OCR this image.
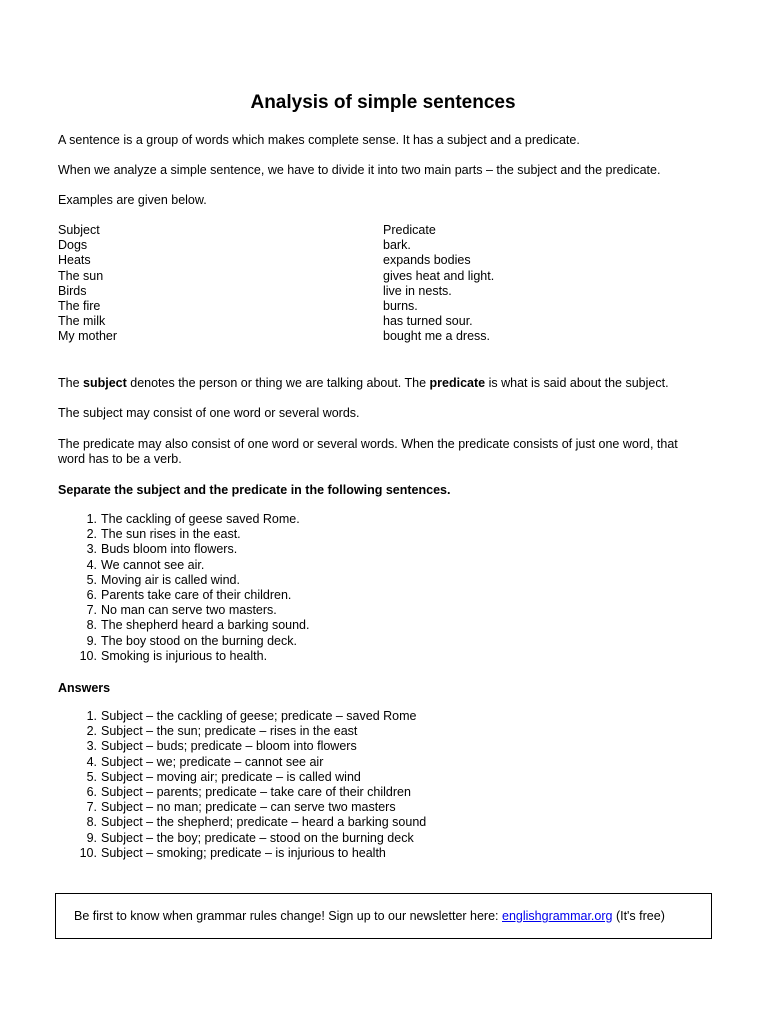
Analysis of simple sentences

A sentence is a group of words which makes complete sense. It has a subject and a predicate.

When we analyze a simple sentence, we have to divide it into two main parts – the subject and the predicate.

Examples are given below.

Subject	Predicate
Dogs	bark.
Heats	expands bodies
The sun	gives heat and light.
Birds	live in nests.
The fire	burns.
The milk	has turned sour.
My mother	bought me a dress.

The subject denotes the person or thing we are talking about. The predicate is what is said about the subject.

The subject may consist of one word or several words.

The predicate may also consist of one word or several words. When the predicate consists of just one word, that word has to be a verb.

Separate the subject and the predicate in the following sentences.

1. The cackling of geese saved Rome.
2. The sun rises in the east.
3. Buds bloom into flowers.
4. We cannot see air.
5. Moving air is called wind.
6. Parents take care of their children.
7. No man can serve two masters.
8. The shepherd heard a barking sound.
9. The boy stood on the burning deck.
10. Smoking is injurious to health.

Answers

1. Subject – the cackling of geese; predicate – saved Rome
2. Subject – the sun; predicate – rises in the east
3. Subject – buds; predicate – bloom into flowers
4. Subject – we; predicate – cannot see air
5. Subject – moving air; predicate – is called wind
6. Subject – parents; predicate – take care of their children
7. Subject – no man; predicate – can serve two masters
8. Subject – the shepherd; predicate – heard a barking sound
9. Subject – the boy; predicate – stood on the burning deck
10. Subject – smoking; predicate – is injurious to health
Be first to know when grammar rules change! Sign up to our newsletter here: englishgrammar.org (It's free)
